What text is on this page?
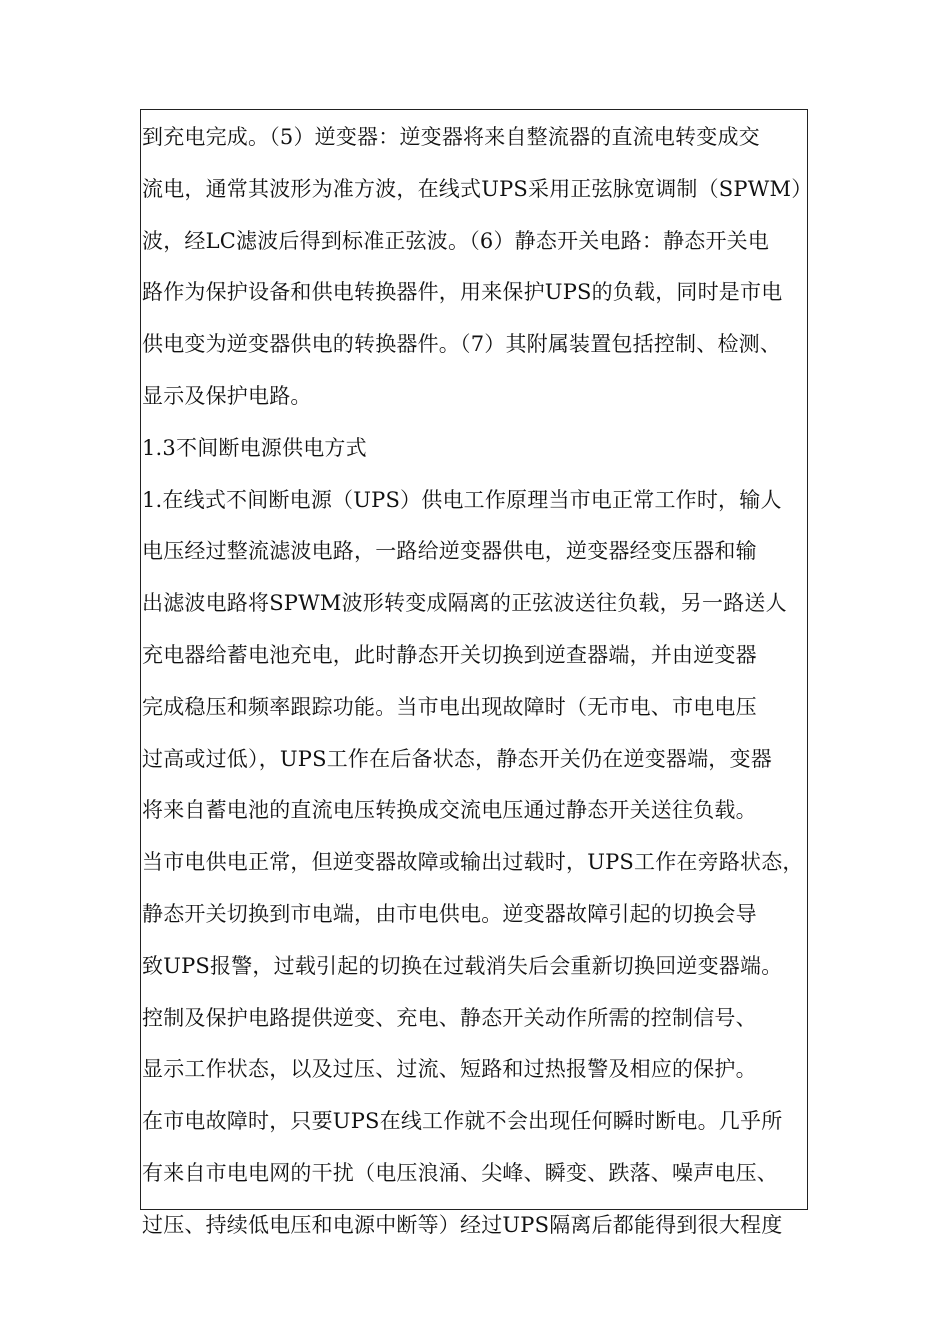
到充电完成。（5）逆变器：逆变器将来自整流器的直流电转变成交
流电，通常其波形为准方波，在线式UPS采用正弦脉宽调制（SPWM）
波，经LC滤波后得到标准正弦波。（6）静态开关电路：静态开关电
路作为保护设备和供电转换器件，用来保护UPS的负载，同时是市电
供电变为逆变器供电的转换器件。（7）其附属装置包括控制、检测、
显示及保护电路。
1.3不间断电源供电方式
1.在线式不间断电源（UPS）供电工作原理当市电正常工作时，输人
电压经过整流滤波电路，一路给逆变器供电，逆变器经变压器和输
出滤波电路将SPWM波形转变成隔离的正弦波送往负载，另一路送人
充电器给蓄电池充电，此时静态开关切换到逆查器端，并由逆变器
完成稳压和频率跟踪功能。当市电出现故障时（无市电、市电电压
过高或过低），UPS工作在后备状态，静态开关仍在逆变器端，变器
将来自蓄电池的直流电压转换成交流电压通过静态开关送往负载。
当市电供电正常，但逆变器故障或输出过载时，UPS工作在旁路状态，
静态开关切换到市电端，由市电供电。逆变器故障引起的切换会导
致UPS报警，过载引起的切换在过载消失后会重新切换回逆变器端。
控制及保护电路提供逆变、充电、静态开关动作所需的控制信号、
显示工作状态，以及过压、过流、短路和过热报警及相应的保护。
在市电故障时，只要UPS在线工作就不会出现任何瞬时断电。几乎所
有来自市电电网的干扰（电压浪涌、尖峰、瞬变、跌落、噪声电压、
过压、持续低电压和电源中断等）经过UPS隔离后都能得到很大程度
